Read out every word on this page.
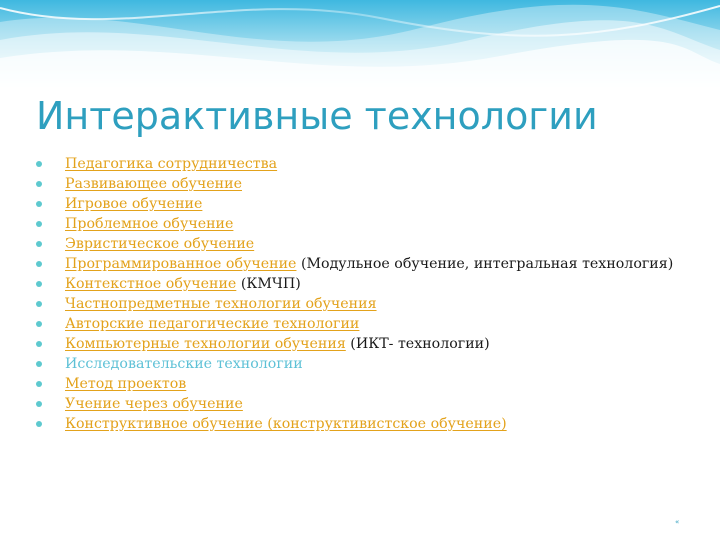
Интерактивные технологии
Педагогика сотрудничества
Развивающее обучение
Игровое обучение
Проблемное обучение
Эвристическое обучение
Программированное обучение (Модульное обучение, интегральная технология)
Контекстное обучение (КМЧП)
Частнопредметные технологии обучения
Авторские педагогические технологии
Компьютерные технологии обучения (ИКТ- технологии)
Исследовательские технологии
Метод проектов
Учение через обучение
Конструктивное обучение (конструктивистское обучение)
«
